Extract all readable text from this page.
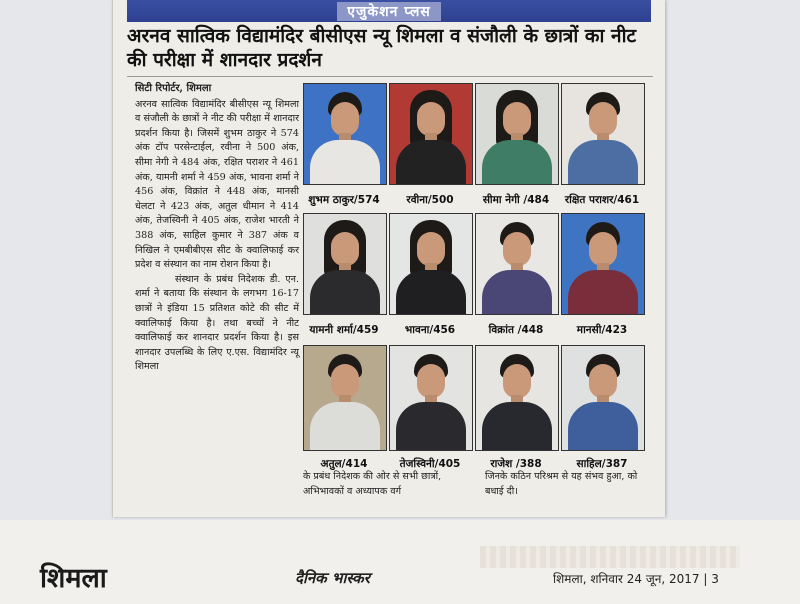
एजुकेशन प्लस
अरनव सात्विक विद्यामंदिर बीसीएस न्यू शिमला व संजौली के छात्रों का नीट की परीक्षा में शानदार प्रदर्शन
सिटी रिपोर्टर, शिमला

अरनव सात्विक विद्यामंदिर बीसीएस न्यू शिमला व संजौली के छात्रों ने नीट की परीक्षा में शानदार प्रदर्शन किया है। जिसमें शुभम ठाकुर ने 574 अंक टॉप परसेन्टाईल, रवीना ने 500 अंक, सीमा नेगी ने 484 अंक, रक्षित पराशर ने 461 अंक, यामनी शर्मा ने 459 अंक, भावना शर्मा ने 456 अंक, विक्रांत ने 448 अंक, मानसी धेलटा ने 423 अंक, अतुल धीमान ने 414 अंक, तेजस्विनी ने 405 अंक, राजेश भारती ने 388 अंक, साहिल कुमार ने 387 अंक व निखिल ने एमबीबीएस सीट के क्वालिफाई कर प्रदेश व संस्थान का नाम रोशन किया है।

संस्थान के प्रबंध निदेशक डी. एन. शर्मा ने बताया कि संस्थान के लगभग 16-17 छात्रों ने इंडिया 15 प्रतिशत कोटे की सीट में क्वालिफाई किया है। तथा बच्चों ने नीट क्वालिफाई कर शानदार प्रदर्शन किया है। इस शानदार उपलब्धि के लिए ए.एस. विद्यामंदिर न्यू शिमला

शुभम ठाकुर/574	रवीना/500	सीमा नेगी /484	रक्षित पराशर/461
यामनी शर्मा/459	भावना/456	विक्रांत /448	मानसी/423
अतुल/414	तेजस्विनी/405	राजेश /388	साहिल/387
के प्रबंध निदेशक की ओर से सभी छात्रों, अभिभावकों व अध्यापक वर्ग
जिनके कठिन परिश्रम से यह संभव हुआ, को बधाई दी।
शिमला	दैनिक भास्कर	शिमला, शनिवार 24 जून, 2017 | 3
